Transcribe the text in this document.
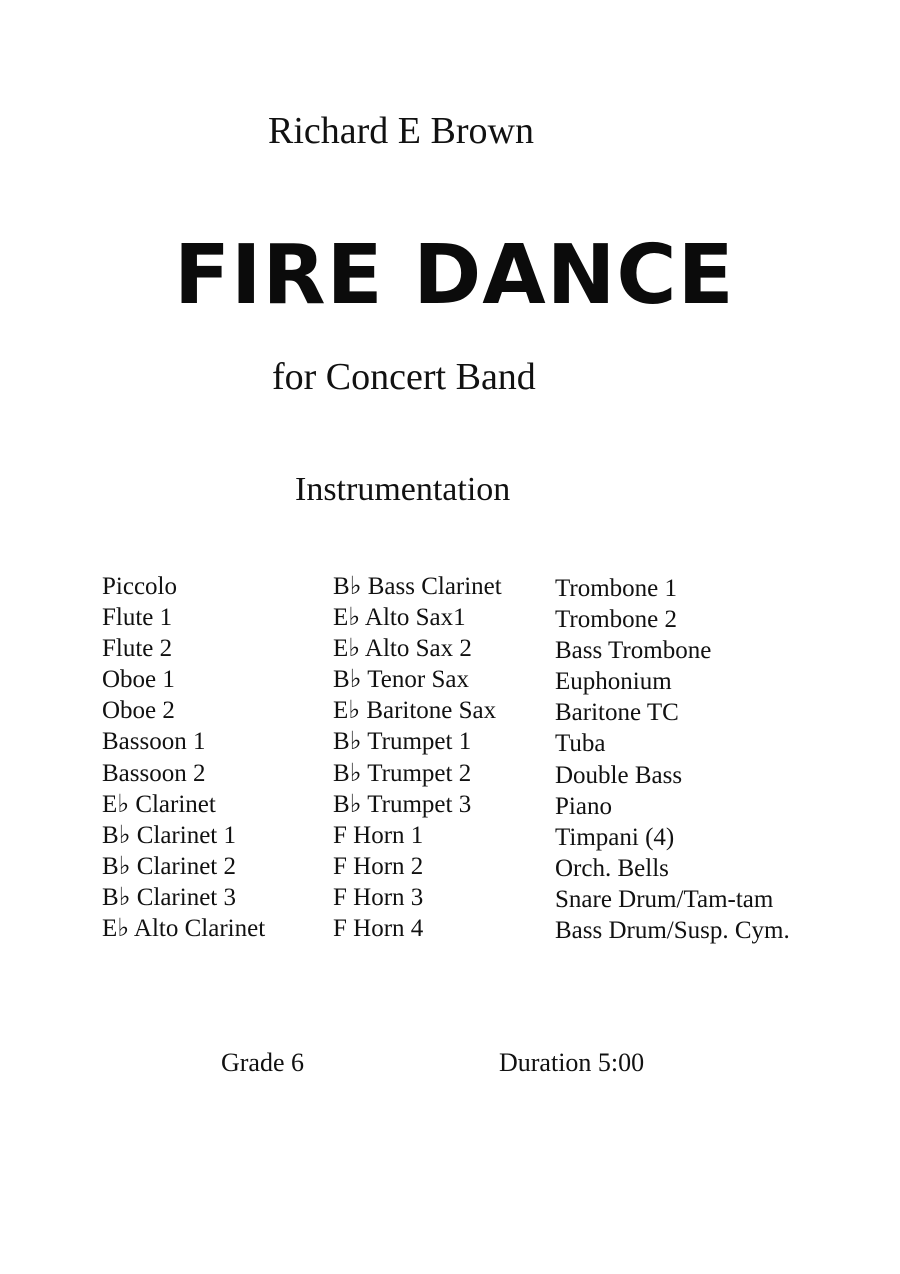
Richard E Brown
FIRE DANCE
for Concert Band
Instrumentation
Piccolo
Flute 1
Flute 2
Oboe 1
Oboe 2
Bassoon 1
Bassoon 2
E♭ Clarinet
B♭ Clarinet 1
B♭ Clarinet 2
B♭ Clarinet 3
E♭ Alto Clarinet
B♭ Bass Clarinet
E♭ Alto Sax1
E♭ Alto Sax 2
B♭ Tenor Sax
E♭ Baritone Sax
B♭ Trumpet 1
B♭ Trumpet 2
B♭ Trumpet 3
F Horn 1
F Horn 2
F Horn 3
F Horn 4
Trombone 1
Trombone 2
Bass Trombone
Euphonium
Baritone TC
Tuba
Double Bass
Piano
Timpani (4)
Orch. Bells
Snare Drum/Tam-tam
Bass Drum/Susp. Cym.
Grade 6	Duration 5:00
